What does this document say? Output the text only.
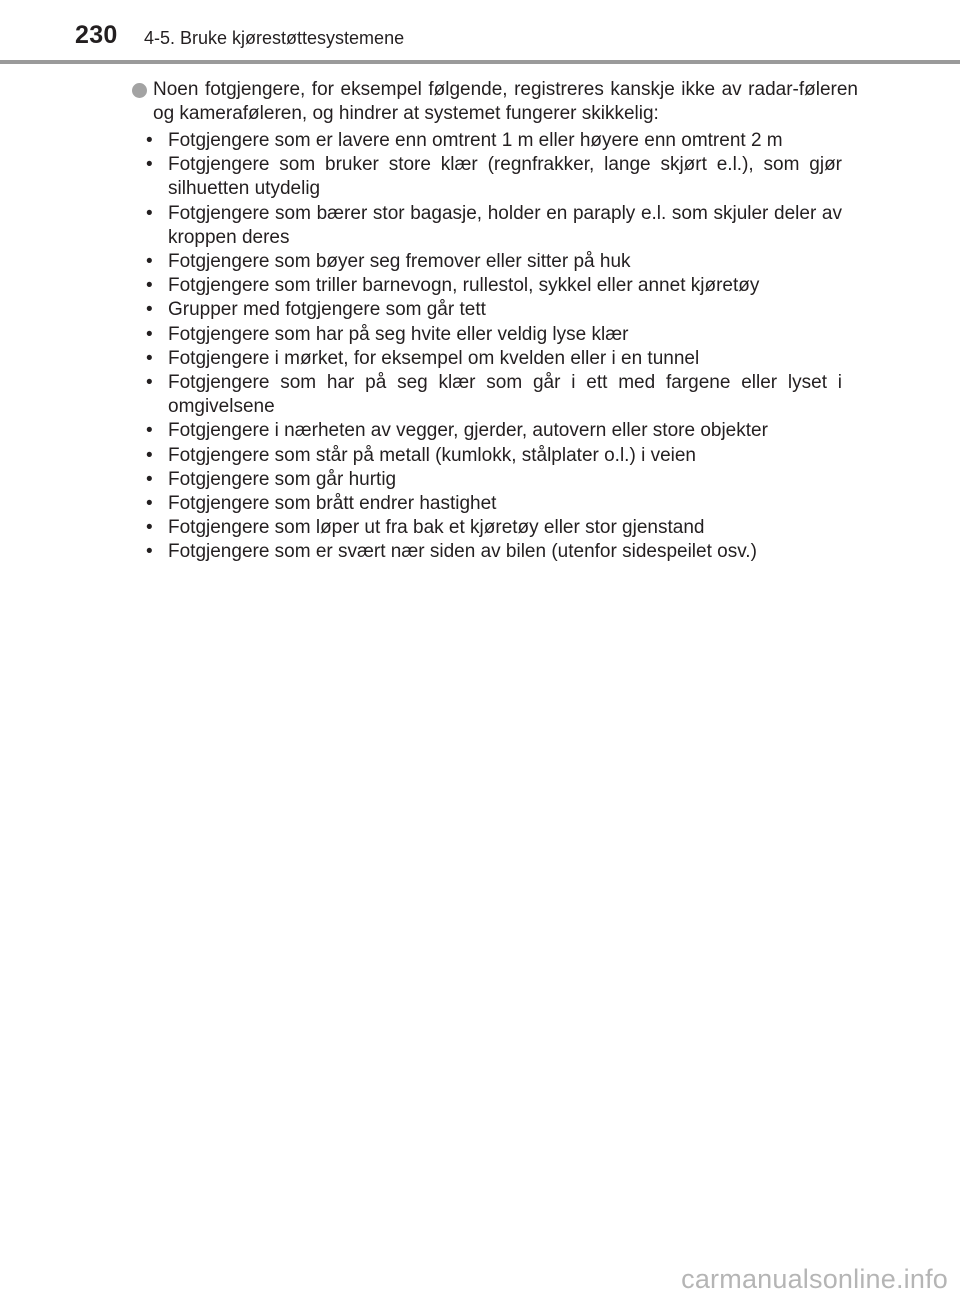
230 4-5. Bruke kjørestøttesystemene

Noen fotgjengere, for eksempel følgende, registreres kanskje ikke av radar-føleren og kameraføleren, og hindrer at systemet fungerer skikkelig:

• Fotgjengere som er lavere enn omtrent 1 m eller høyere enn omtrent 2 m
• Fotgjengere som bruker store klær (regnfrakker, lange skjørt e.l.), som gjør silhuetten utydelig
• Fotgjengere som bærer stor bagasje, holder en paraply e.l. som skjuler deler av kroppen deres
• Fotgjengere som bøyer seg fremover eller sitter på huk
• Fotgjengere som triller barnevogn, rullestol, sykkel eller annet kjøretøy
• Grupper med fotgjengere som går tett
• Fotgjengere som har på seg hvite eller veldig lyse klær
• Fotgjengere i mørket, for eksempel om kvelden eller i en tunnel
• Fotgjengere som har på seg klær som går i ett med fargene eller lyset i omgivelsene
• Fotgjengere i nærheten av vegger, gjerder, autovern eller store objekter
• Fotgjengere som står på metall (kumlokk, stålplater o.l.) i veien
• Fotgjengere som går hurtig
• Fotgjengere som brått endrer hastighet
• Fotgjengere som løper ut fra bak et kjøretøy eller stor gjenstand
• Fotgjengere som er svært nær siden av bilen (utenfor sidespeilet osv.)
carmanualsonline.info
